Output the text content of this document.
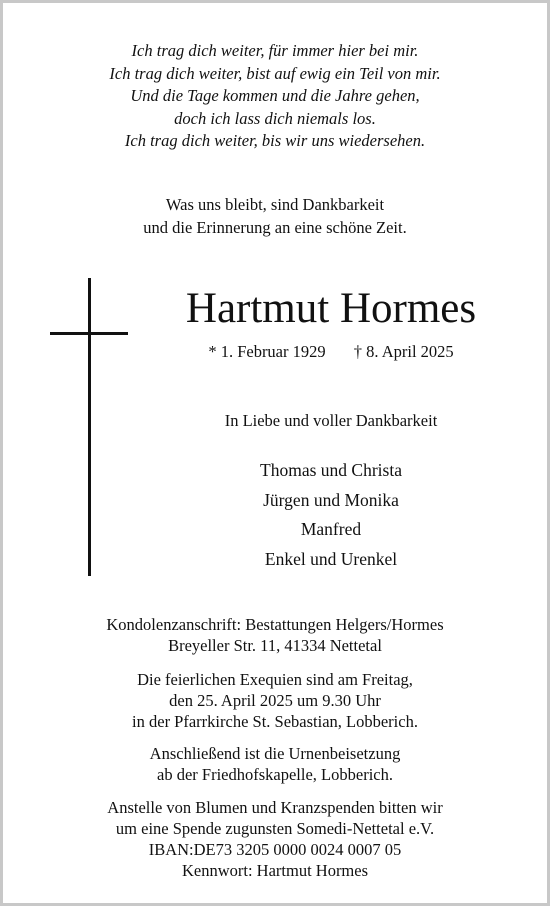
Ich trag dich weiter, für immer hier bei mir.
Ich trag dich weiter, bist auf ewig ein Teil von mir.
Und die Tage kommen und die Jahre gehen,
doch ich lass dich niemals los.
Ich trag dich weiter, bis wir uns wiedersehen.
Was uns bleibt, sind Dankbarkeit
und die Erinnerung an eine schöne Zeit.
Hartmut Hormes
* 1. Februar 1929 † 8. April 2025
In Liebe und voller Dankbarkeit
Thomas und Christa
Jürgen und Monika
Manfred
Enkel und Urenkel
Kondolenzanschrift: Bestattungen Helgers/Hormes
Breyeller Str. 11, 41334 Nettetal
Die feierlichen Exequien sind am Freitag,
den 25. April 2025 um 9.30 Uhr
in der Pfarrkirche St. Sebastian, Lobberich.
Anschließend ist die Urnenbeisetzung
ab der Friedhofskapelle, Lobberich.
Anstelle von Blumen und Kranzspenden bitten wir
um eine Spende zugunsten Somedi-Nettetal e.V.
IBAN:DE73 3205 0000 0024 0007 05
Kennwort: Hartmut Hormes
